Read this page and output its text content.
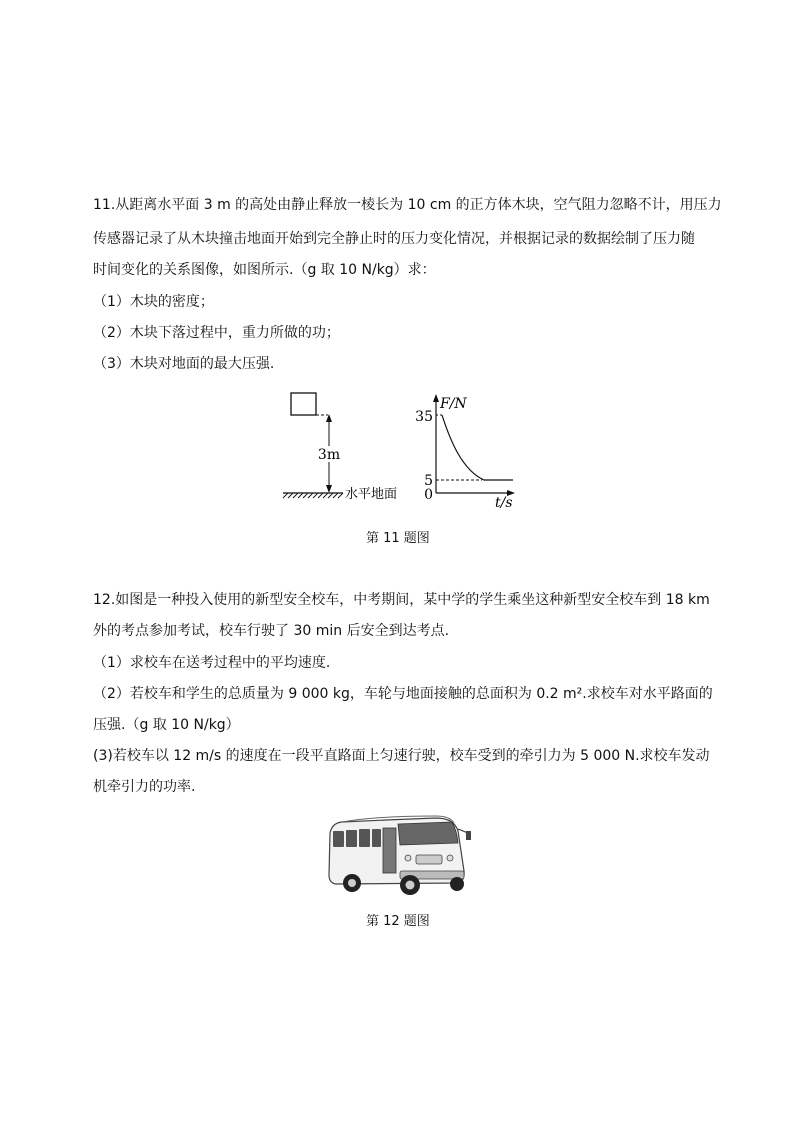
11.从距离水平面 3 m 的高处由静止释放一棱长为 10 cm 的正方体木块，空气阻力忽略不计，用压力
传感器记录了从木块撞击地面开始到完全静止时的压力变化情况，并根据记录的数据绘制了压力随
时间变化的关系图像，如图所示.（g 取 10 N/kg）求：
（1）木块的密度；
（2）木块下落过程中，重力所做的功；
（3）木块对地面的最大压强.
3m
水平地面
F/N
t/s
35
5
0
第 11 题图
12.如图是一种投入使用的新型安全校车，中考期间，某中学的学生乘坐这种新型安全校车到 18 km
外的考点参加考试，校车行驶了 30 min 后安全到达考点.
（1）求校车在送考过程中的平均速度.
（2）若校车和学生的总质量为 9 000 kg，车轮与地面接触的总面积为 0.2 m².求校车对水平路面的
压强.（g 取 10 N/kg）
(3)若校车以 12 m/s 的速度在一段平直路面上匀速行驶，校车受到的牵引力为 5 000 N.求校车发动
机牵引力的功率.
第 12 题图
